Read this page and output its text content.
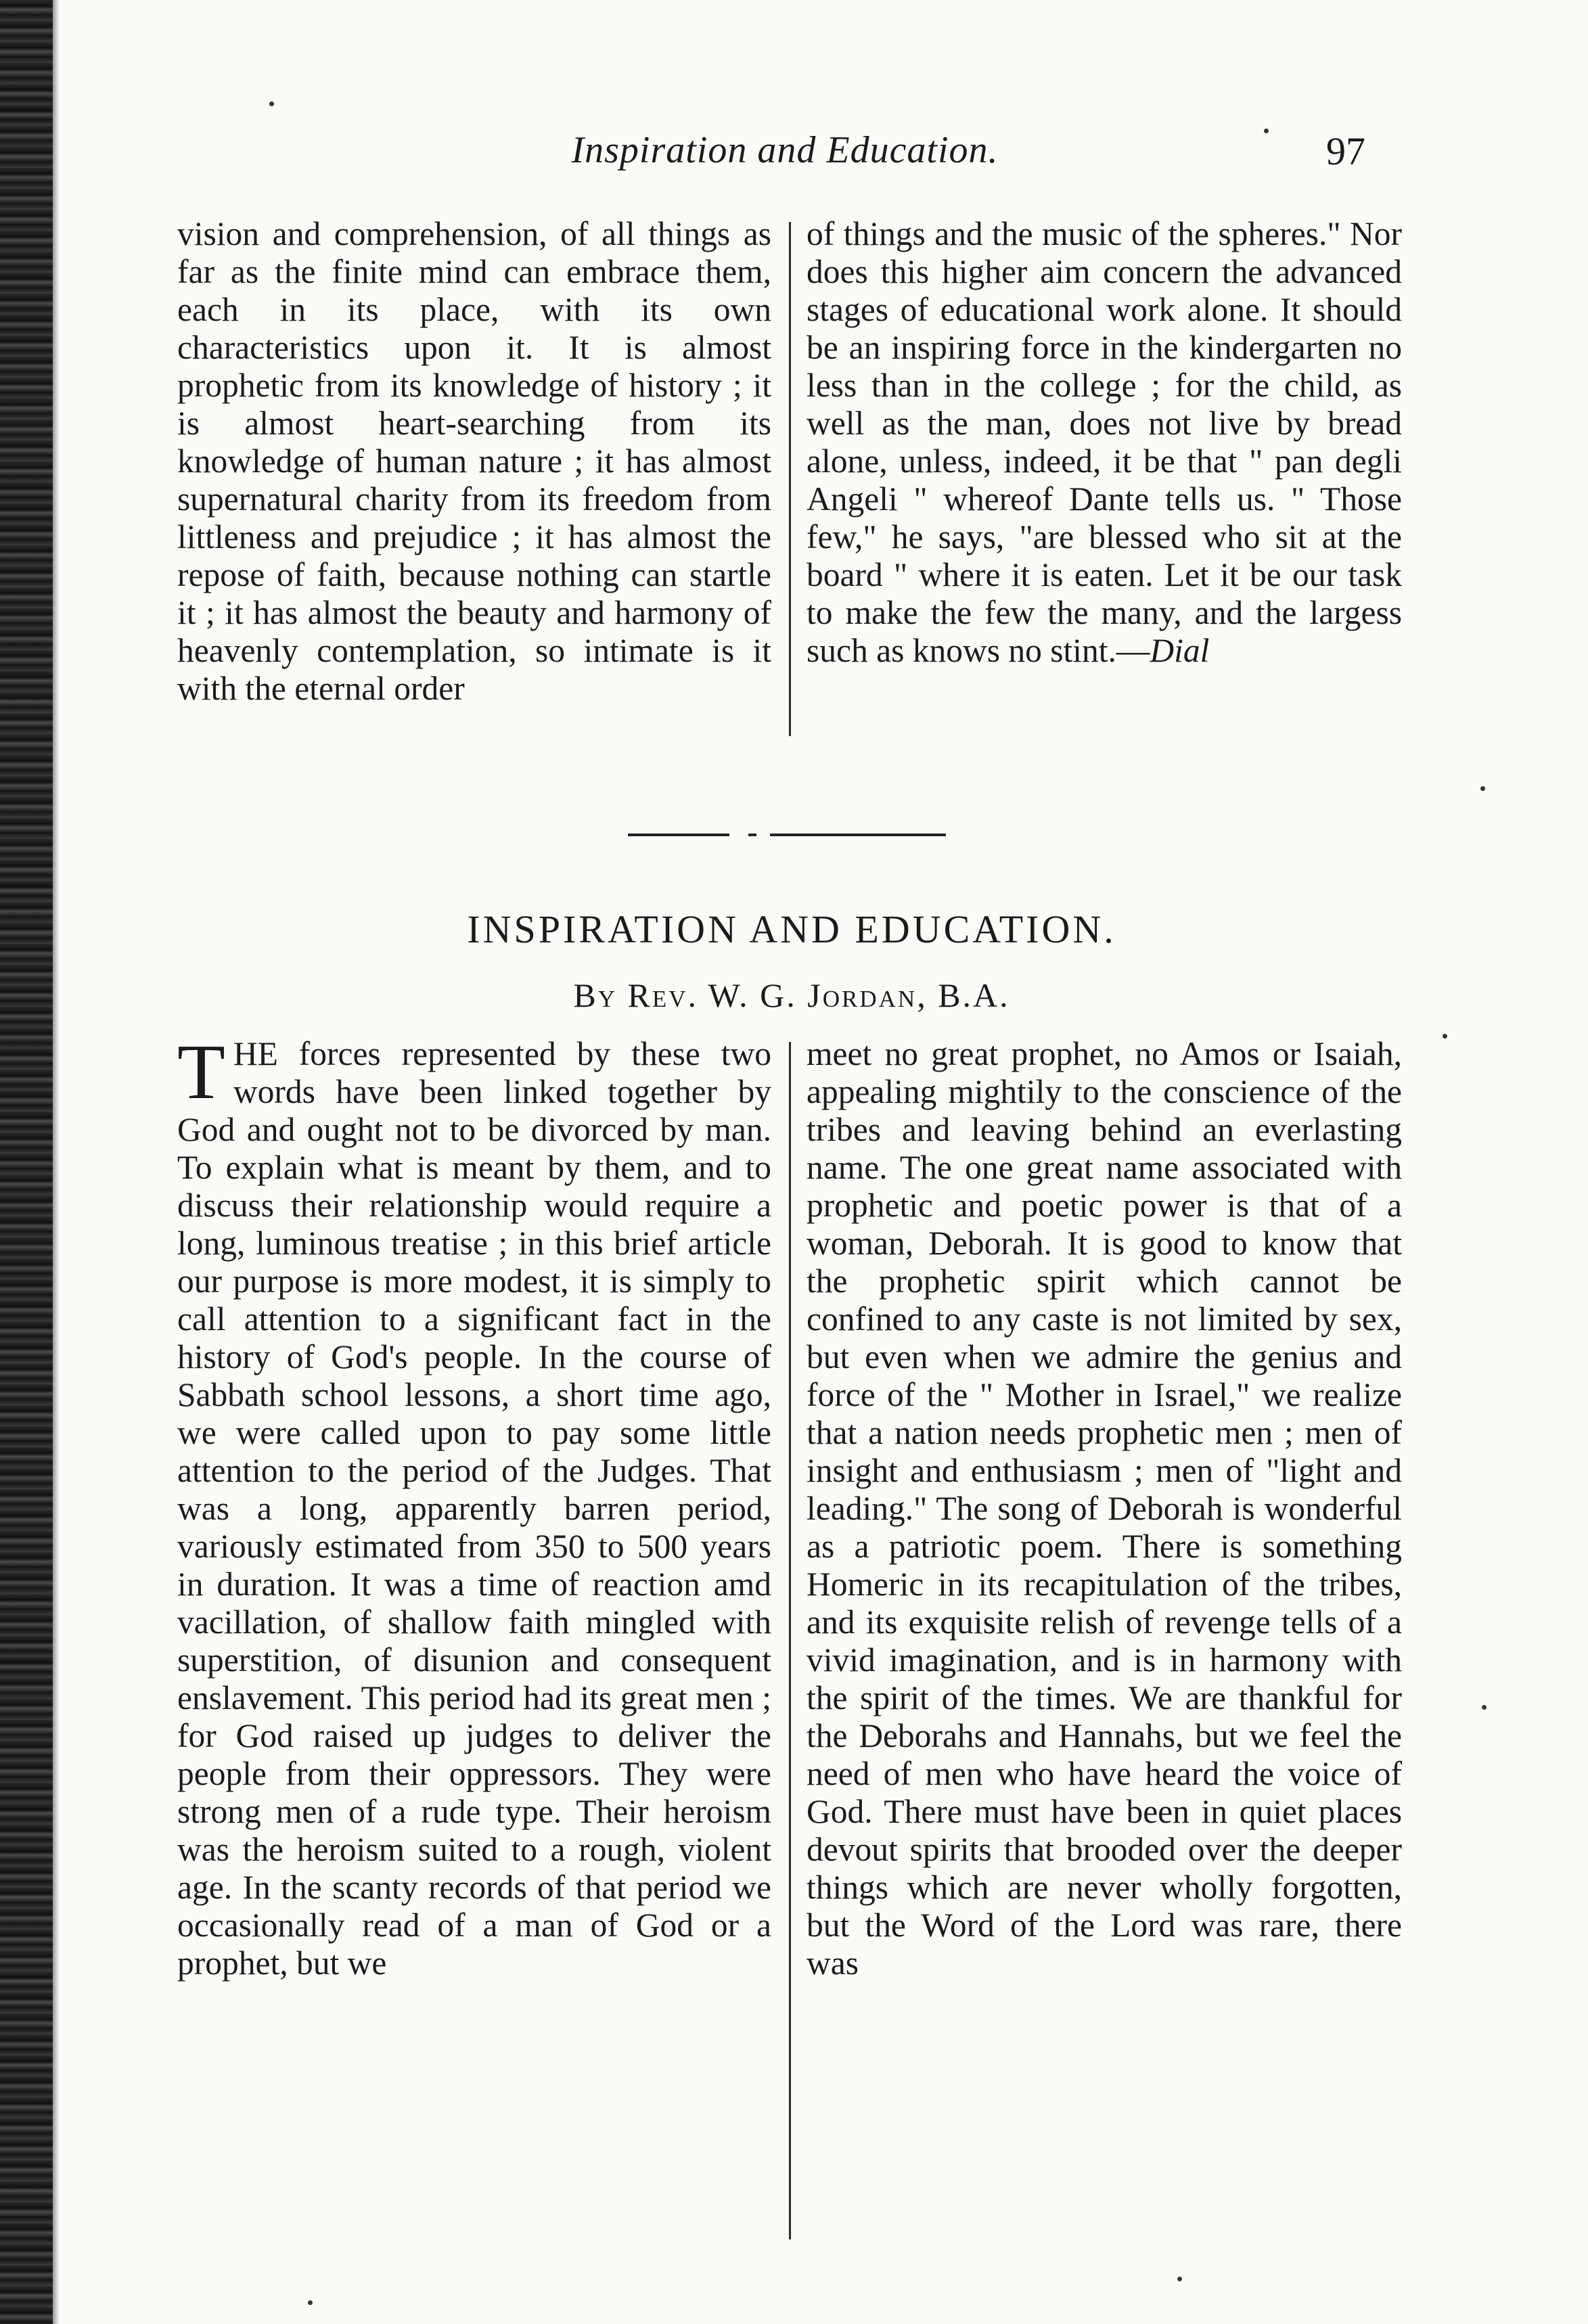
Inspiration and Education.	97

vision and comprehension, of all things as far as the finite mind can embrace them, each in its place, with its own characteristics upon it. It is almost prophetic from its knowledge of history ; it is almost heart-searching from its knowledge of human nature ; it has almost supernatural charity from its freedom from littleness and prejudice ; it has almost the repose of faith, because nothing can startle it ; it has almost the beauty and harmony of heavenly contemplation, so intimate is it with the eternal order

of things and the music of the spheres." Nor does this higher aim concern the advanced stages of educational work alone. It should be an inspiring force in the kindergarten no less than in the college ; for the child, as well as the man, does not live by bread alone, unless, indeed, it be that " pan degli Angeli " whereof Dante tells us. " Those few," he says, "are blessed who sit at the board " where it is eaten. Let it be our task to make the few the many, and the largess such as knows no stint.—Dial

INSPIRATION AND EDUCATION.
By Rev. W. G. Jordan, B.A.

THE forces represented by these two words have been linked together by God and ought not to be divorced by man. To explain what is meant by them, and to discuss their relationship would require a long, luminous treatise ; in this brief article our purpose is more modest, it is simply to call attention to a significant fact in the history of God's people. In the course of Sabbath school lessons, a short time ago, we were called upon to pay some little attention to the period of the Judges. That was a long, apparently barren period, variously estimated from 350 to 500 years in duration. It was a time of reaction amd vacillation, of shallow faith mingled with superstition, of disunion and consequent enslavement. This period had its great men ; for God raised up judges to deliver the people from their oppressors. They were strong men of a rude type. Their heroism was the heroism suited to a rough, violent age. In the scanty records of that period we occasionally read of a man of God or a prophet, but we

meet no great prophet, no Amos or Isaiah, appealing mightily to the conscience of the tribes and leaving behind an everlasting name. The one great name associated with prophetic and poetic power is that of a woman, Deborah. It is good to know that the prophetic spirit which cannot be confined to any caste is not limited by sex, but even when we admire the genius and force of the " Mother in Israel," we realize that a nation needs prophetic men ; men of insight and enthusiasm ; men of "light and leading." The song of Deborah is wonderful as a patriotic poem. There is something Homeric in its recapitulation of the tribes, and its exquisite relish of revenge tells of a vivid imagination, and is in harmony with the spirit of the times. We are thankful for the Deborahs and Hannahs, but we feel the need of men who have heard the voice of God. There must have been in quiet places devout spirits that brooded over the deeper things which are never wholly forgotten, but the Word of the Lord was rare, there was
